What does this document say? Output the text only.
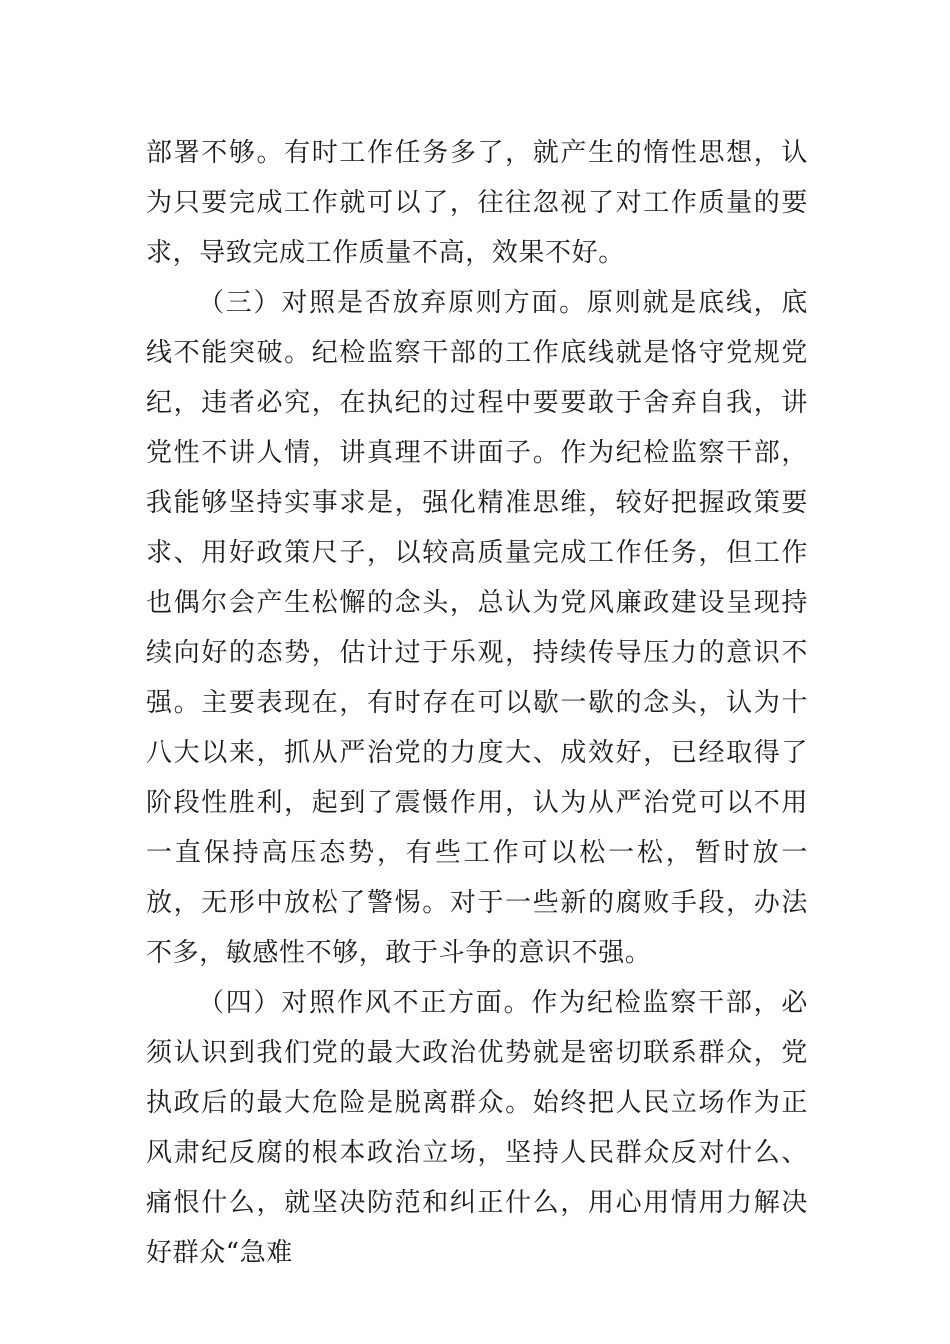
部署不够。有时工作任务多了，就产生的惰性思想，认为只要完成工作就可以了，往往忽视了对工作质量的要求，导致完成工作质量不高，效果不好。

（三）对照是否放弃原则方面。原则就是底线，底线不能突破。纪检监察干部的工作底线就是恪守党规党纪，违者必究，在执纪的过程中要要敢于舍弃自我，讲党性不讲人情，讲真理不讲面子。作为纪检监察干部，我能够坚持实事求是，强化精准思维，较好把握政策要求、用好政策尺子，以较高质量完成工作任务，但工作也偶尔会产生松懈的念头，总认为党风廉政建设呈现持续向好的态势，估计过于乐观，持续传导压力的意识不强。主要表现在，有时存在可以歇一歇的念头，认为十八大以来，抓从严治党的力度大、成效好，已经取得了阶段性胜利，起到了震慑作用，认为从严治党可以不用一直保持高压态势，有些工作可以松一松，暂时放一放，无形中放松了警惕。对于一些新的腐败手段，办法不多，敏感性不够，敢于斗争的意识不强。

（四）对照作风不正方面。作为纪检监察干部，必须认识到我们党的最大政治优势就是密切联系群众，党执政后的最大危险是脱离群众。始终把人民立场作为正风肃纪反腐的根本政治立场，坚持人民群众反对什么、痛恨什么，就坚决防范和纠正什么，用心用情用力解决好群众“急难
